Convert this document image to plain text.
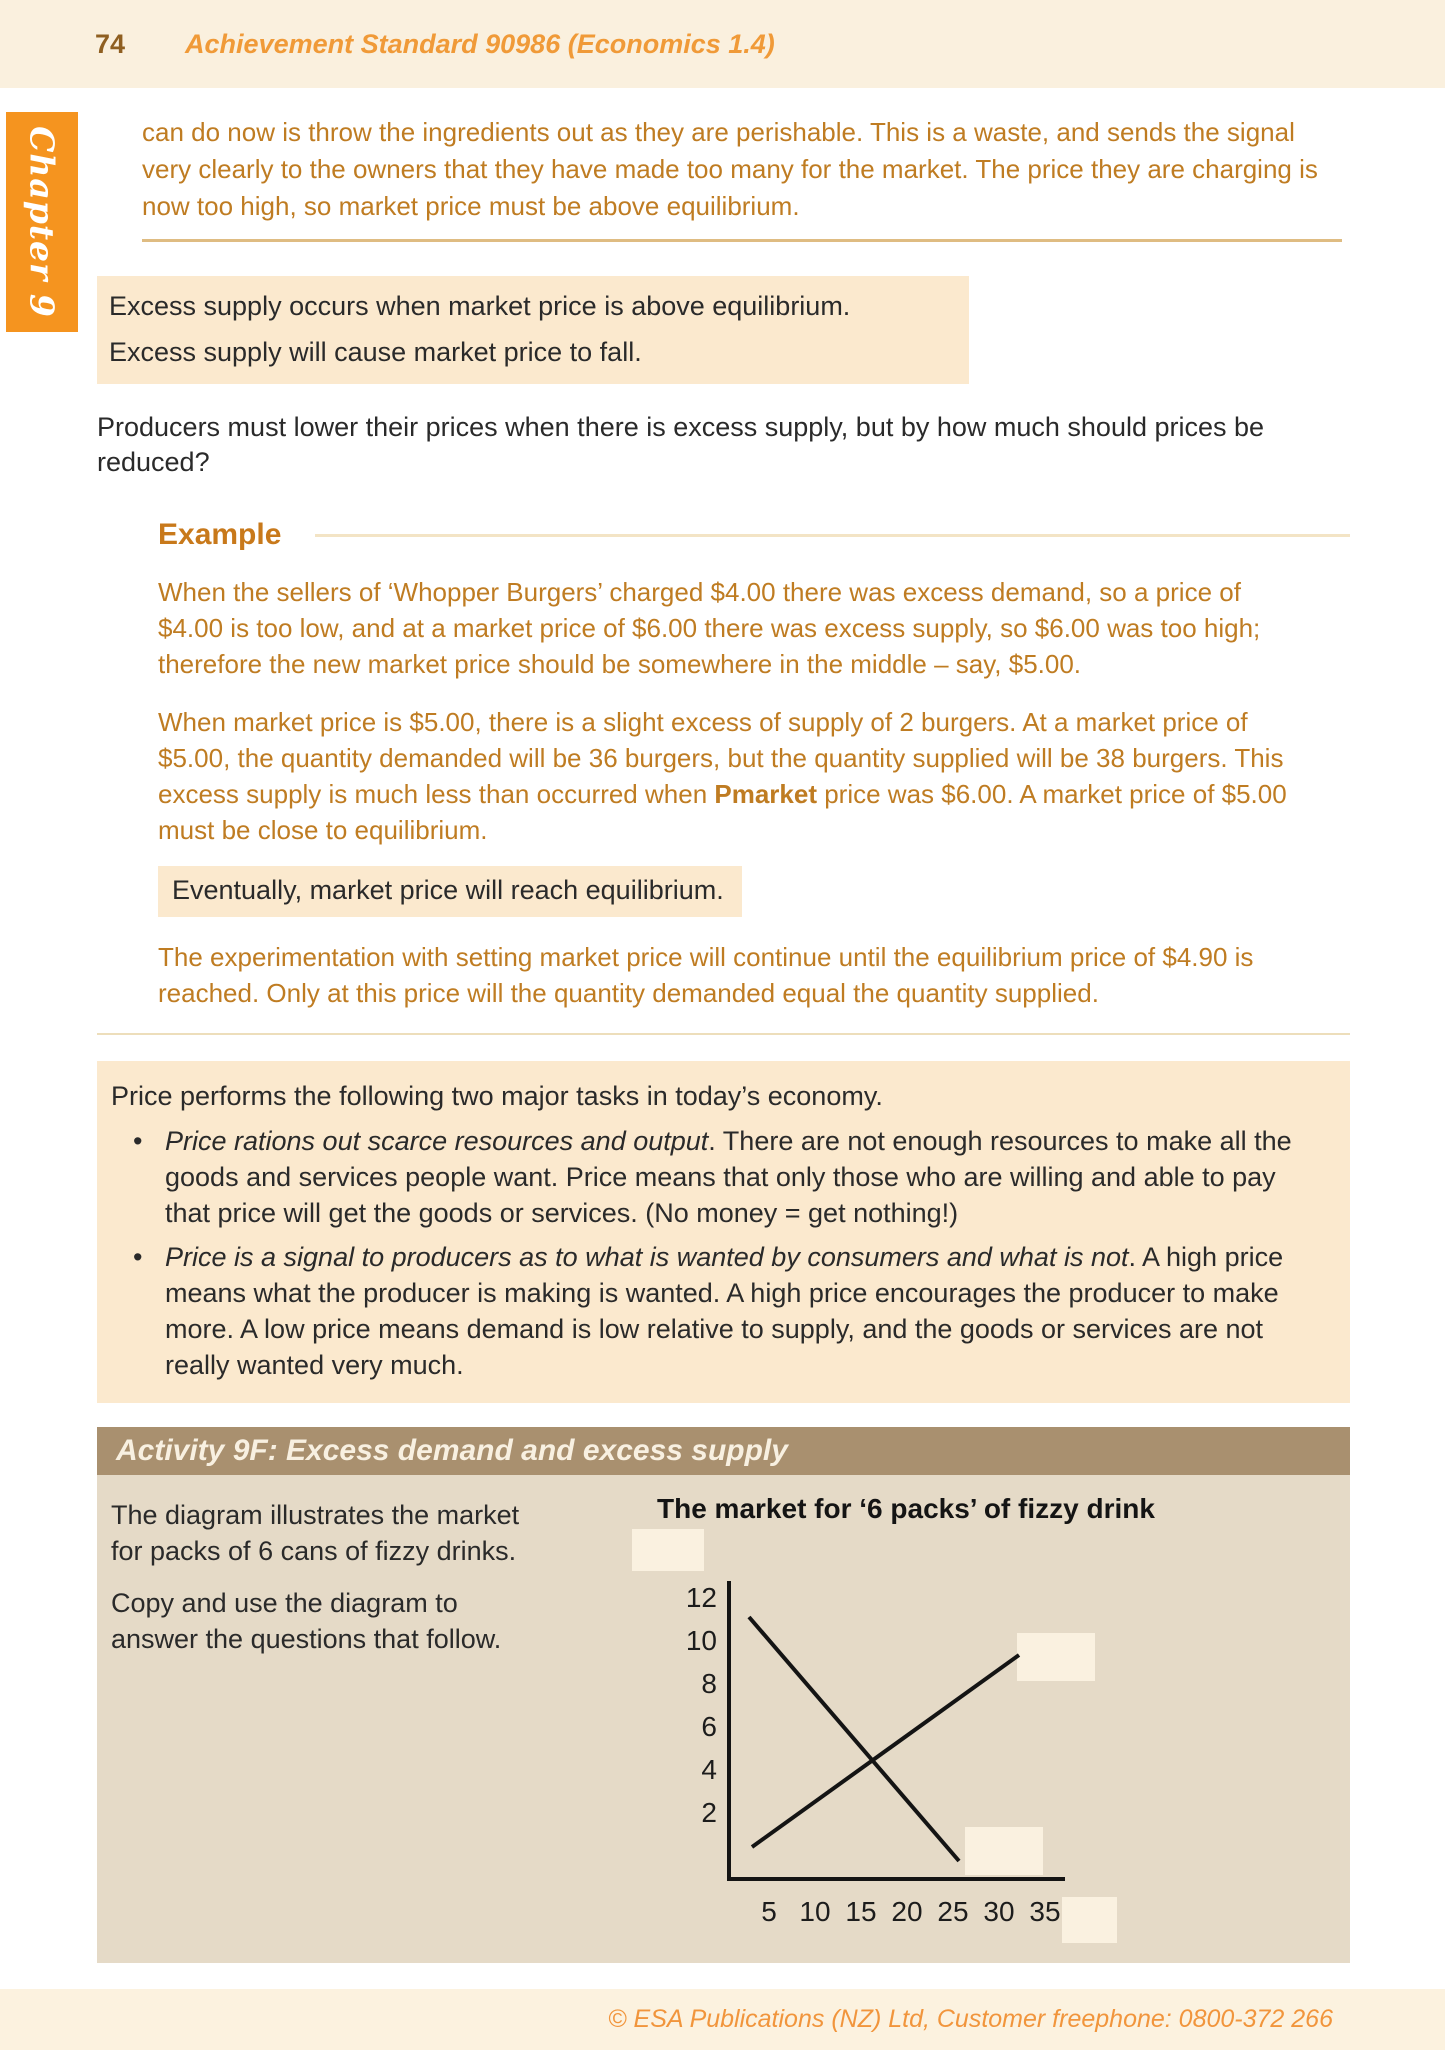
74 Achievement Standard 90986 (Economics 1.4)
Chapter 9	can do now is throw the ingredients out as they are perishable. This is a waste, and sends the signal very clearly to the owners that they have made too many for the market. The price they are charging is now too high, so market price must be above equilibrium.

Excess supply occurs when market price is above equilibrium.
Excess supply will cause market price to fall.

Producers must lower their prices when there is excess supply, but by how much should prices be reduced?

Example

When the sellers of ‘Whopper Burgers’ charged $4.00 there was excess demand, so a price of $4.00 is too low, and at a market price of $6.00 there was excess supply, so $6.00 was too high; therefore the new market price should be somewhere in the middle – say, $5.00.

When market price is $5.00, there is a slight excess of supply of 2 burgers. At a market price of $5.00, the quantity demanded will be 36 burgers, but the quantity supplied will be 38 burgers. This excess supply is much less than occurred when Pmarket price was $6.00. A market price of $5.00 must be close to equilibrium.

Eventually, market price will reach equilibrium.

The experimentation with setting market price will continue until the equilibrium price of $4.90 is reached. Only at this price will the quantity demanded equal the quantity supplied.

Price performs the following two major tasks in today’s economy.
• Price rations out scarce resources and output. There are not enough resources to make all the goods and services people want. Price means that only those who are willing and able to pay that price will get the goods or services. (No money = get nothing!)
• Price is a signal to producers as to what is wanted by consumers and what is not. A high price means what the producer is making is wanted. A high price encourages the producer to make more. A low price means demand is low relative to supply, and the goods or services are not really wanted very much.
Activity 9F: Excess demand and excess supply

The diagram illustrates the market for packs of 6 cans of fizzy drinks.

Copy and use the diagram to answer the questions that follow.

The market for ‘6 packs’ of fizzy drink
12
10
8
6
4
2
5 10 15 20 25 30 35
© ESA Publications (NZ) Ltd, Customer freephone: 0800-372 266
